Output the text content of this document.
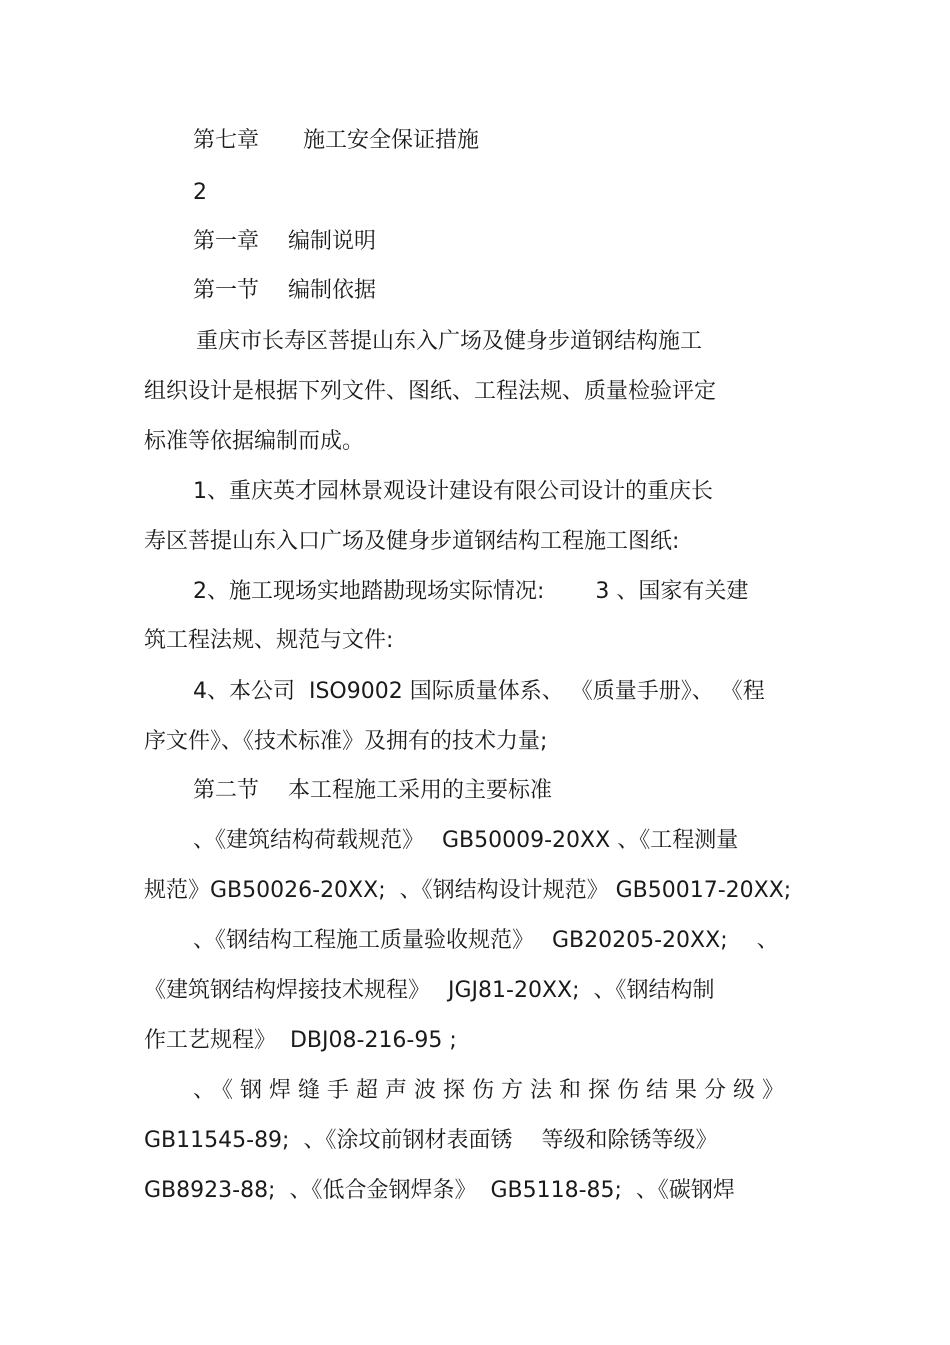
第七章　　施工安全保证措施
2
第一章　 编制说明
第一节　 编制依据
重庆市长寿区菩提山东入广场及健身步道钢结构施工
组织设计是根据下列文件、图纸、工程法规、质量检验评定
标准等依据编制而成。
1、重庆英才园林景观设计建设有限公司设计的重庆长
寿区菩提山东入口广场及健身步道钢结构工程施工图纸:
2、施工现场实地踏勘现场实际情况:　　 3 、国家有关建
筑工程法规、规范与文件:
4、本公司  ISO9002 国际质量体系、 《质量手册》、 《程
序文件》、《技术标准》及拥有的技术力量;
第二节　 本工程施工采用的主要标准
、《建筑结构荷载规范》　 GB50009-20XX 、《工程测量
规范》GB50026-20XX;  、《钢结构设计规范》 GB50017-20XX;
、《钢结构工程施工质量验收规范》　 GB20205-20XX;　 、
《建筑钢结构焊接技术规程》　 JGJ81-20XX;  、《钢结构制
作工艺规程》  DBJ08-216-95 ;
、《钢焊缝手超声波探伤方法和探伤结果分级》
GB11545-89;  、《涂坟前钢材表面锈　 等级和除锈等级》
GB8923-88;  、《低合金钢焊条》  GB5118-85;  、《碳钢焊
